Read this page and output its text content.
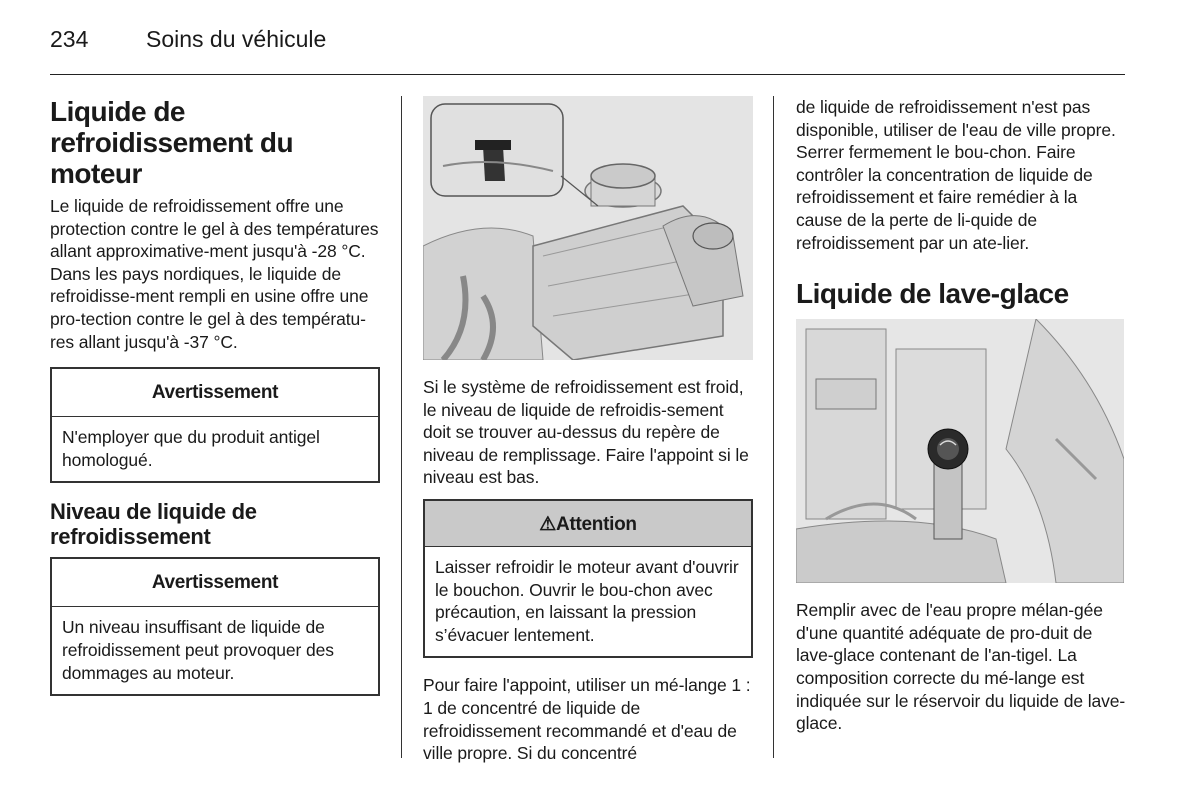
234	Soins du véhicule
Liquide de refroidissement du moteur

Le liquide de refroidissement offre une protection contre le gel à des températures allant approximative-ment jusqu'à -28 °C. Dans les pays nordiques, le liquide de refroidisse-ment rempli en usine offre une pro-tection contre le gel à des températu-res allant jusqu'à -37 °C.

Avertissement

N'employer que du produit antigel homologué.

Niveau de liquide de refroidissement
Avertissement

Un niveau insuffisant de liquide de refroidissement peut provoquer des dommages au moteur.

Si le système de refroidissement est froid, le niveau de liquide de refroidis-sement doit se trouver au-dessus du repère de niveau de remplissage. Faire l'appoint si le niveau est bas.

⚠Attention

Laisser refroidir le moteur avant d'ouvrir le bouchon. Ouvrir le bou-chon avec précaution, en laissant la pression s’évacuer lentement.

Pour faire l'appoint, utiliser un mé-lange 1 : 1 de concentré de liquide de refroidissement recommandé et d'eau de ville propre. Si du concentré

de liquide de refroidissement n'est pas disponible, utiliser de l'eau de ville propre. Serrer fermement le bou-chon. Faire contrôler la concentration de liquide de refroidissement et faire remédier à la cause de la perte de li-quide de refroidissement par un ate-lier.

Liquide de lave-glace

Remplir avec de l'eau propre mélan-gée d'une quantité adéquate de pro-duit de lave-glace contenant de l'an-tigel. La composition correcte du mé-lange est indiquée sur le réservoir du liquide de lave-glace.
